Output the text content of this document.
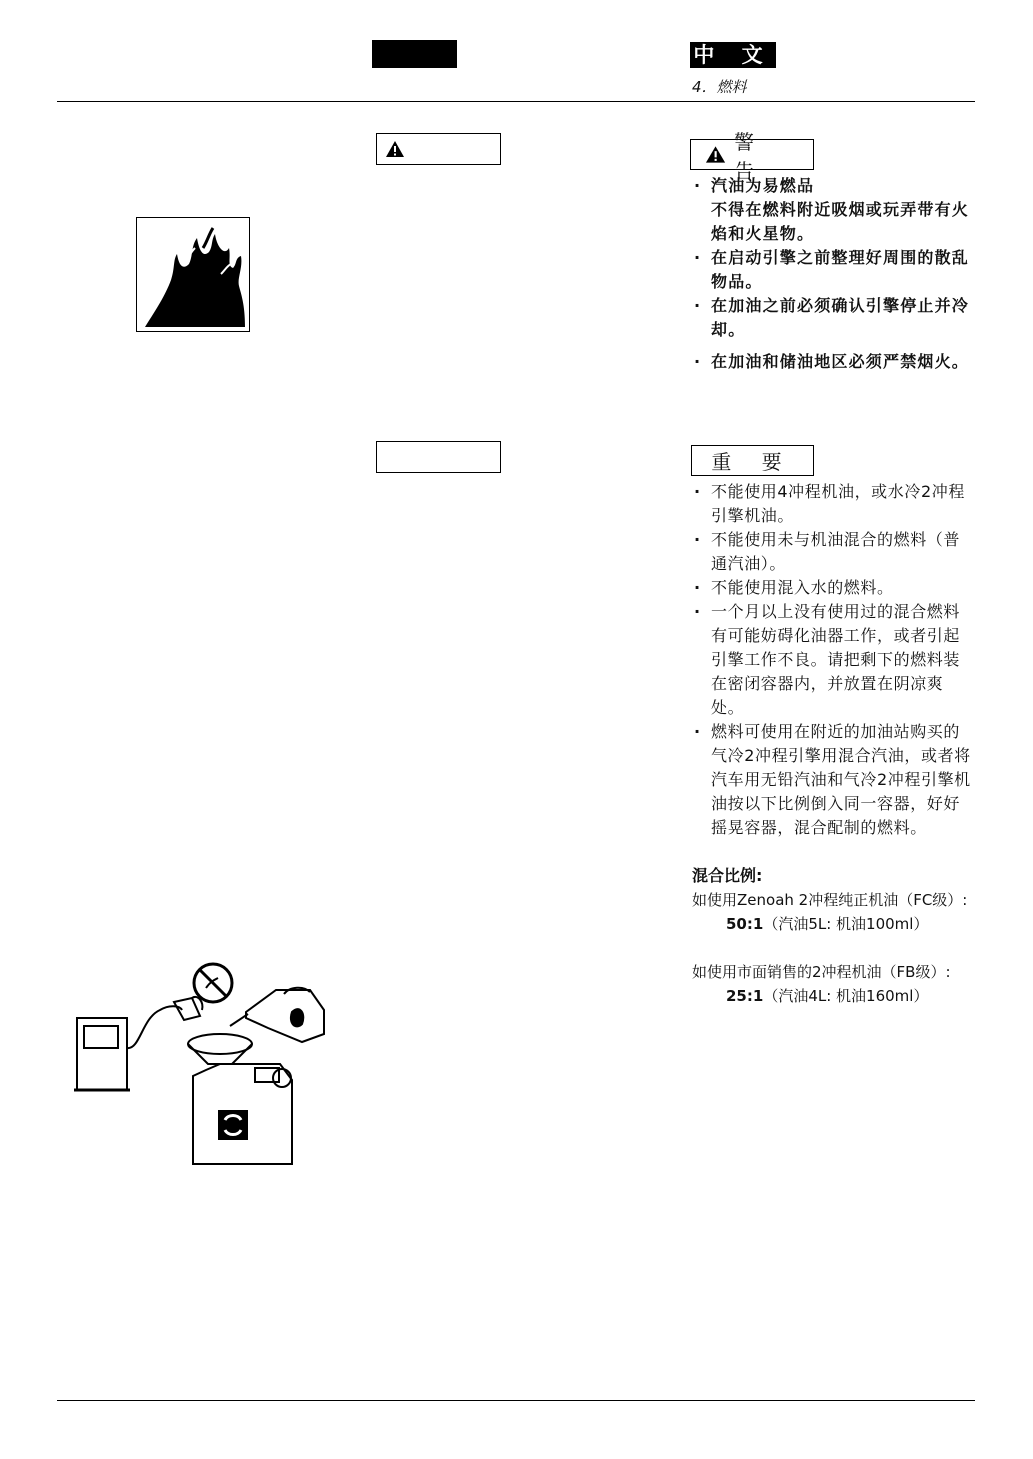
中 文
4．燃料
警 告
· 汽油为易燃品
不得在燃料附近吸烟或玩弄带有火焰和火星物。
· 在启动引擎之前整理好周围的散乱物品。
· 在加油之前必须确认引擎停止并冷却。
· 在加油和储油地区必须严禁烟火。
重 要
· 不能使用4冲程机油，或水冷2冲程引擎机油。
· 不能使用未与机油混合的燃料（普通汽油）。
· 不能使用混入水的燃料。
· 一个月以上没有使用过的混合燃料有可能妨碍化油器工作，或者引起引擎工作不良。请把剩下的燃料装在密闭容器内，并放置在阴凉爽处。
· 燃料可使用在附近的加油站购买的气冷2冲程引擎用混合汽油，或者将汽车用无铅汽油和气冷2冲程引擎机油按以下比例倒入同一容器，好好摇晃容器，混合配制的燃料。
混合比例:
如使用Zenoah 2冲程纯正机油（FC级）:
50:1（汽油5L: 机油100ml）
如使用市面销售的2冲程机油（FB级）:
25:1（汽油4L: 机油160ml）
